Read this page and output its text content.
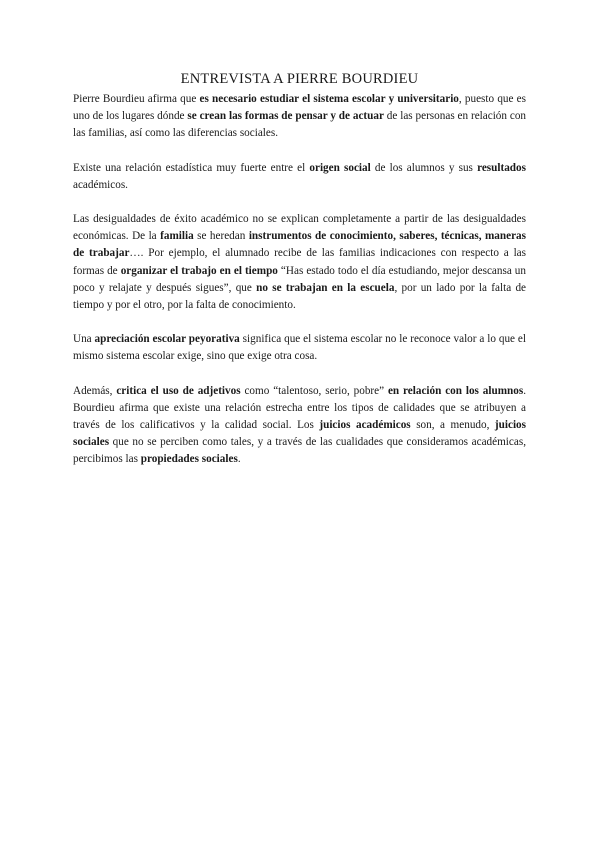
ENTREVISTA A PIERRE BOURDIEU

Pierre Bourdieu afirma que es necesario estudiar el sistema escolar y universitario, puesto que es uno de los lugares dónde se crean las formas de pensar y de actuar de las personas en relación con las familias, así como las diferencias sociales.

Existe una relación estadística muy fuerte entre el origen social de los alumnos y sus resultados académicos.

Las desigualdades de éxito académico no se explican completamente a partir de las desigualdades económicas. De la familia se heredan instrumentos de conocimiento, saberes, técnicas, maneras de trabajar…. Por ejemplo, el alumnado recibe de las familias indicaciones con respecto a las formas de organizar el trabajo en el tiempo “Has estado todo el día estudiando, mejor descansa un poco y relajate y después sigues”, que no se trabajan en la escuela, por un lado por la falta de tiempo y por el otro, por la falta de conocimiento.

Una apreciación escolar peyorativa significa que el sistema escolar no le reconoce valor a lo que el mismo sistema escolar exige, sino que exige otra cosa.

Además, critica el uso de adjetivos como “talentoso, serio, pobre” en relación con los alumnos. Bourdieu afirma que existe una relación estrecha entre los tipos de calidades que se atribuyen a través de los calificativos y la calidad social. Los juicios académicos son, a menudo, juicios sociales que no se perciben como tales, y a través de las cualidades que consideramos académicas, percibimos las propiedades sociales.
